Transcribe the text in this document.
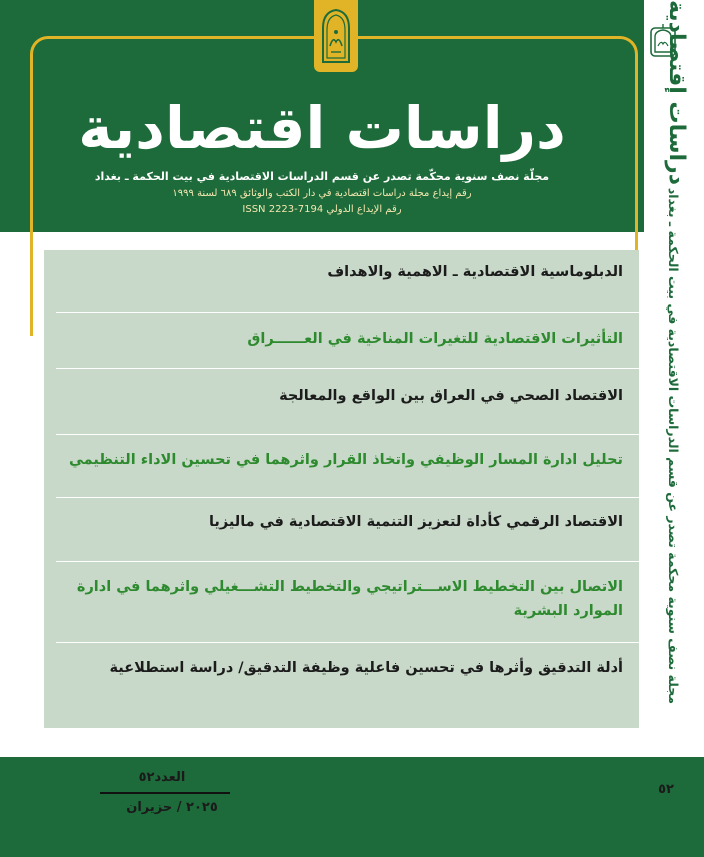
دراسات اقتصادية
مجلّة نصف سنوية محكّمة تصدر عن قسم الدراسات الاقتصادية في بيت الحكمة ـ بغداد
رقم إيداع مجلة دراسات اقتصادية في دار الكتب والوثائق ٦٨٩ لسنة ١٩٩٩
رقم الإيداع الدولي ISSN 2223-7194
الدبلوماسية الاقتصادية ـ الاهمية والاهداف
التأثيرات الاقتصادية للتغيرات المناخية في العــــــراق
الاقتصاد الصحي في العراق بين الواقع والمعالجة
تحليل ادارة المسار الوظيفي واتخاذ القرار واثرهما في تحسين الاداء التنظيمي
الاقتصاد الرقمي كأداة لتعزيز التنمية الاقتصادية في ماليزيا
الاتصال بين التخطيط الاســـتراتيجي والتخطيط التشـــغيلي واثرهما في ادارة الموارد البشرية
أدلة التدقيق وأثرها في تحسين فاعلية وظيفة التدقيق/ دراسة استطلاعية
دراسات إقتصادية
مجلة نصف سنوية محكمة تصدر عن قسم الدراسات الاقتصادية في بيت الحكمة ـ بغداد
العدد٥٢
٢٠٢٥ / حزيران
٥٢
